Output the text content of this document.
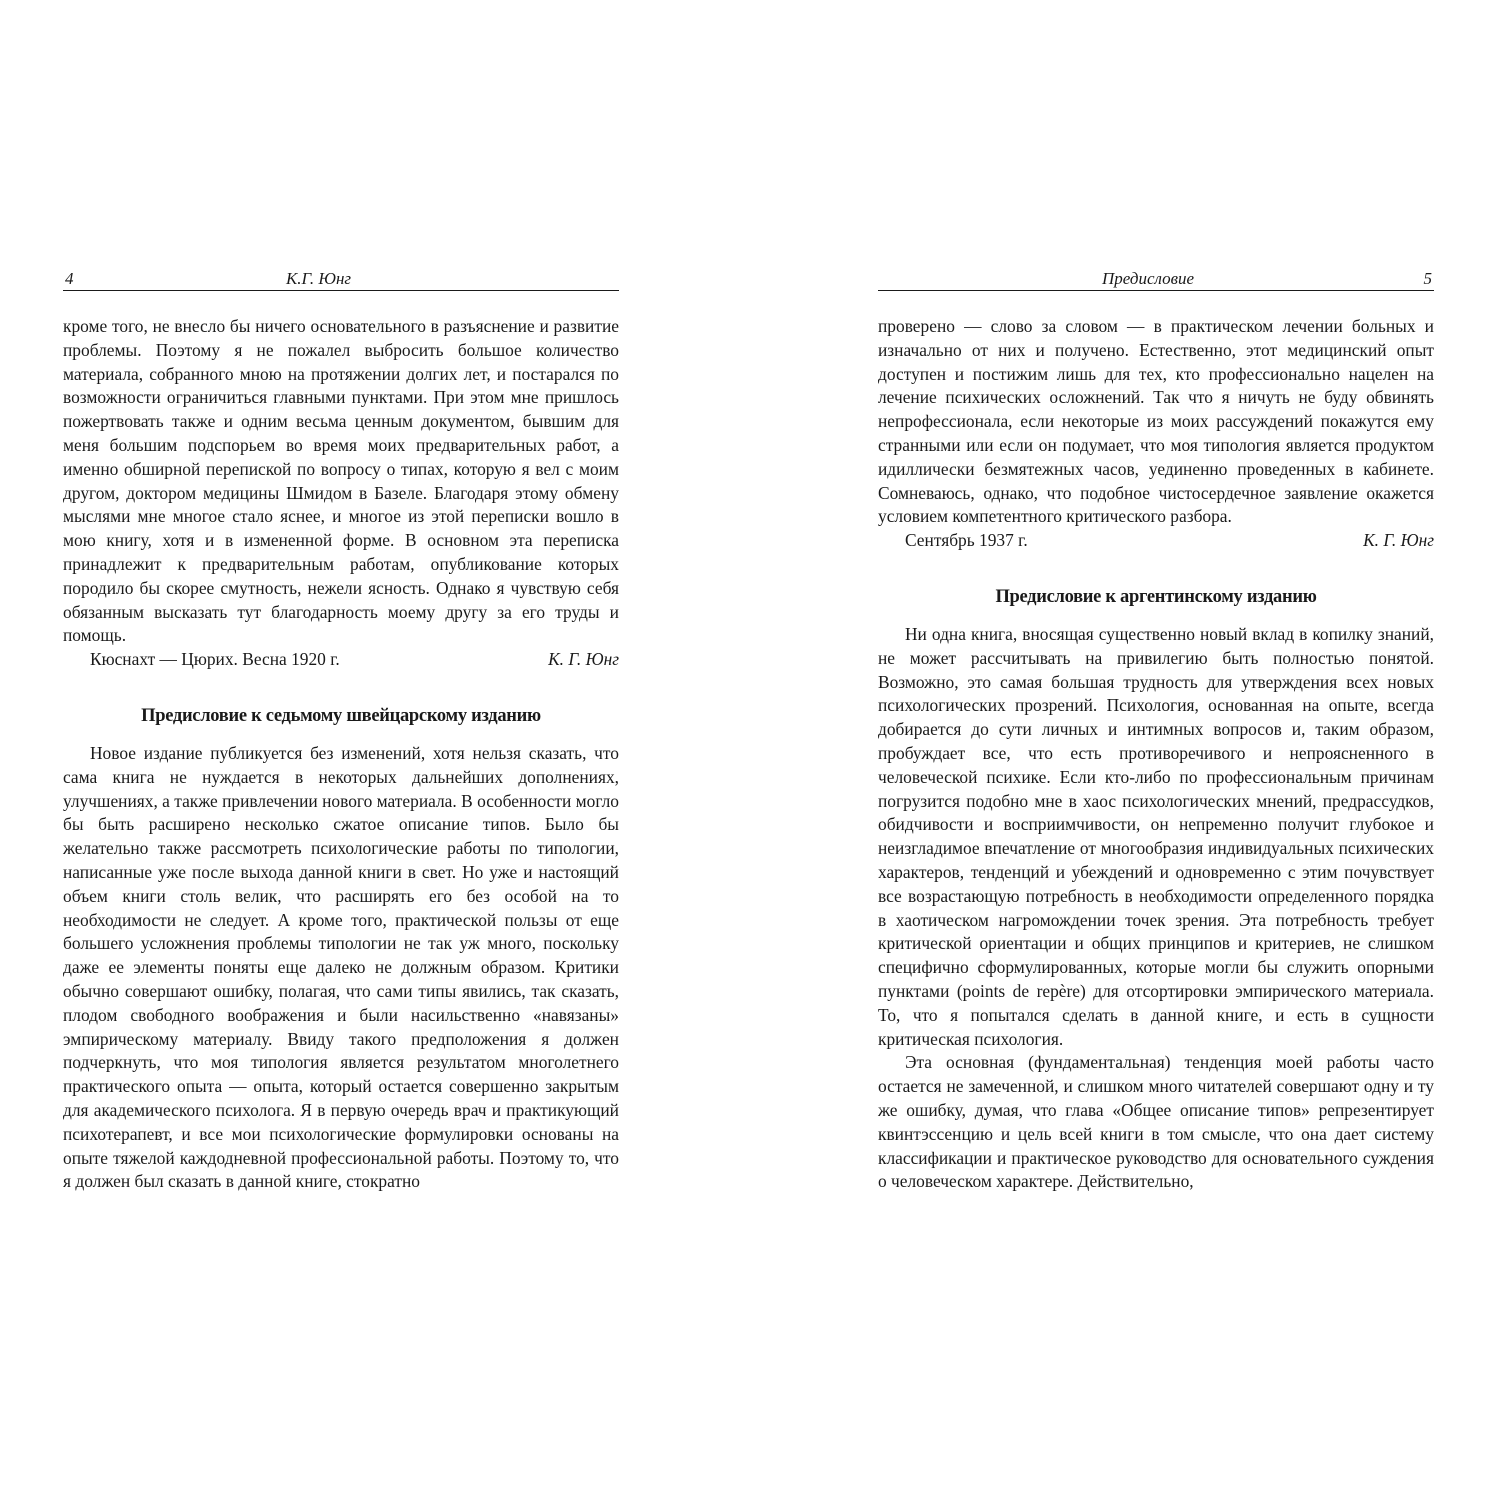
4	К.Г. Юнг

кроме того, не внесло бы ничего основательного в разъяснение и развитие проблемы. Поэтому я не пожалел выбросить большое количество материала, собранного мною на протяжении долгих лет, и постарался по возможности ограничиться главными пунктами. При этом мне пришлось пожертвовать также и одним весьма ценным документом, бывшим для меня большим подспорьем во время моих предварительных работ, а именно обширной перепиской по вопросу о типах, которую я вел с моим другом, доктором медицины Шмидом в Базеле. Благодаря этому обмену мыслями мне многое стало яснее, и многое из этой переписки вошло в мою книгу, хотя и в измененной форме. В основном эта переписка принадлежит к предварительным работам, опубликование которых породило бы скорее смутность, нежели ясность. Однако я чувствую себя обязанным высказать тут благодарность моему другу за его труды и помощь.

Кюснахт — Цюрих. Весна 1920 г.	К. Г. Юнг
Предисловие к седьмому швейцарскому изданию

Новое издание публикуется без изменений, хотя нельзя сказать, что сама книга не нуждается в некоторых дальнейших дополнениях, улучшениях, а также привлечении нового материала. В особенности могло бы быть расширено несколько сжатое описание типов. Было бы желательно также рассмотреть психологические работы по типологии, написанные уже после выхода данной книги в свет. Но уже и настоящий объем книги столь велик, что расширять его без особой на то необходимости не следует. А кроме того, практической пользы от еще большего усложнения проблемы типологии не так уж много, поскольку даже ее элементы поняты еще далеко не должным образом. Критики обычно совершают ошибку, полагая, что сами типы явились, так сказать, плодом свободного воображения и были насильственно «навязаны» эмпирическому материалу. Ввиду такого предположения я должен подчеркнуть, что моя типология является результатом многолетнего практического опыта — опыта, который остается совершенно закрытым для академического психолога. Я в первую очередь врач и практикующий психотерапевт, и все мои психологические формулировки основаны на опыте тяжелой каждодневной профессиональной работы. Поэтому то, что я должен был сказать в данной книге, стократно

Предисловие	5

проверено — слово за словом — в практическом лечении больных и изначально от них и получено. Естественно, этот медицинский опыт доступен и постижим лишь для тех, кто профессионально нацелен на лечение психических осложнений. Так что я ничуть не буду обвинять непрофессионала, если некоторые из моих рассуждений покажутся ему странными или если он подумает, что моя типология является продуктом идиллически безмятежных часов, уединенно проведенных в кабинете. Сомневаюсь, однако, что подобное чистосердечное заявление окажется условием компетентного критического разбора.

Сентябрь 1937 г.	К. Г. Юнг
Предисловие к аргентинскому изданию

Ни одна книга, вносящая существенно новый вклад в копилку знаний, не может рассчитывать на привилегию быть полностью понятой. Возможно, это самая большая трудность для утверждения всех новых психологических прозрений. Психология, основанная на опыте, всегда добирается до сути личных и интимных вопросов и, таким образом, пробуждает все, что есть противоречивого и непроясненного в человеческой психике. Если кто-либо по профессиональным причинам погрузится подобно мне в хаос психологических мнений, предрассудков, обидчивости и восприимчивости, он непременно получит глубокое и неизгладимое впечатление от многообразия индивидуальных психических характеров, тенденций и убеждений и одновременно с этим почувствует все возрастающую потребность в необходимости определенного порядка в хаотическом нагромождении точек зрения. Эта потребность требует критической ориентации и общих принципов и критериев, не слишком специфично сформулированных, которые могли бы служить опорными пунктами (points de repère) для отсортировки эмпирического материала. То, что я попытался сделать в данной книге, и есть в сущности критическая психология.

Эта основная (фундаментальная) тенденция моей работы часто остается не замеченной, и слишком много читателей совершают одну и ту же ошибку, думая, что глава «Общее описание типов» репрезентирует квинтэссенцию и цель всей книги в том смысле, что она дает систему классификации и практическое руководство для основательного суждения о человеческом характере. Действительно,
